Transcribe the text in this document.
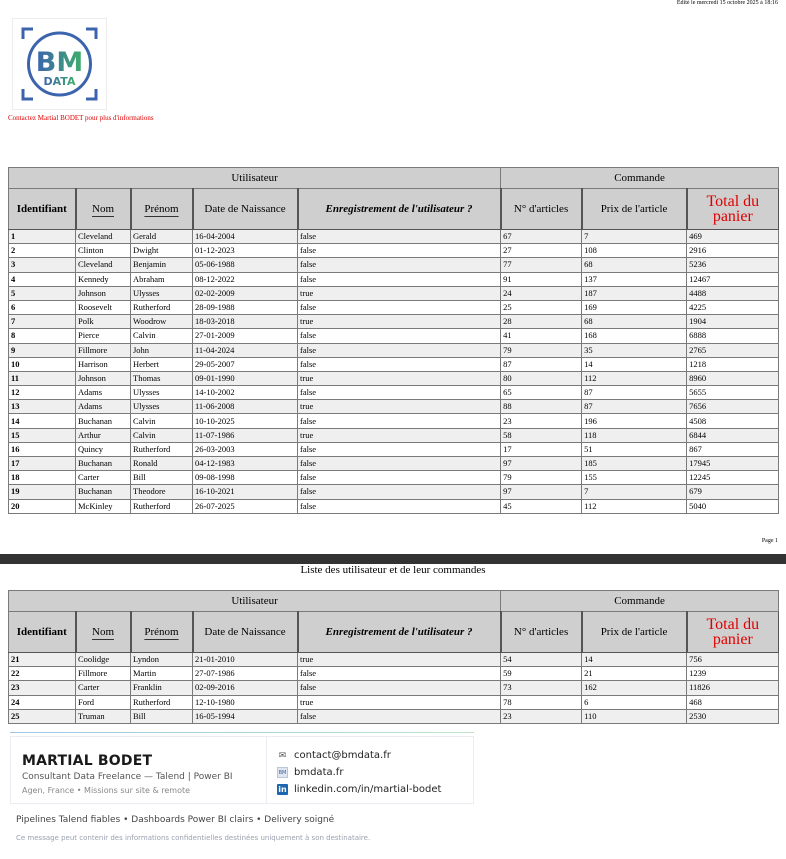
Edité le mercredi 15 octobre 2025 à 18:16
BM
DATA
Contactez Martial BODET pour plus d'informations
Utilisateur					Commande		
Identifiant	Nom	Prénom	Date de Naissance	Enregistrement de l'utilisateur ?	N° d'articles	Prix de l'article	Total du panier
1	Cleveland	Gerald	16-04-2004	false	67	7	469
2	Clinton	Dwight	01-12-2023	false	27	108	2916
3	Cleveland	Benjamin	05-06-1988	false	77	68	5236
4	Kennedy	Abraham	08-12-2022	false	91	137	12467
5	Johnson	Ulysses	02-02-2009	true	24	187	4488
6	Roosevelt	Rutherford	28-09-1988	false	25	169	4225
7	Polk	Woodrow	18-03-2018	true	28	68	1904
8	Pierce	Calvin	27-01-2009	false	41	168	6888
9	Fillmore	John	11-04-2024	false	79	35	2765
10	Harrison	Herbert	29-05-2007	false	87	14	1218
11	Johnson	Thomas	09-01-1990	true	80	112	8960
12	Adams	Ulysses	14-10-2002	false	65	87	5655
13	Adams	Ulysses	11-06-2008	true	88	87	7656
14	Buchanan	Calvin	10-10-2025	false	23	196	4508
15	Arthur	Calvin	11-07-1986	true	58	118	6844
16	Quincy	Rutherford	26-03-2003	false	17	51	867
17	Buchanan	Ronald	04-12-1983	false	97	185	17945
18	Carter	Bill	09-08-1998	false	79	155	12245
19	Buchanan	Theodore	16-10-2021	false	97	7	679
20	McKinley	Rutherford	26-07-2025	false	45	112	5040
Page 1
Liste des utilisateur et de leur commandes
Utilisateur					Commande		
Identifiant	Nom	Prénom	Date de Naissance	Enregistrement de l'utilisateur ?	N° d'articles	Prix de l'article	Total du panier
21	Coolidge	Lyndon	21-01-2010	true	54	14	756
22	Fillmore	Martin	27-07-1986	false	59	21	1239
23	Carter	Franklin	02-09-2016	false	73	162	11826
24	Ford	Rutherford	12-10-1980	true	78	6	468
25	Truman	Bill	16-05-1994	false	23	110	2530
MARTIAL BODET
Consultant Data Freelance — Talend | Power BI
Agen, France • Missions sur site & remote
✉ contact@bmdata.fr
BM bmdata.fr
in linkedin.com/in/martial-bodet
Pipelines Talend fiables • Dashboards Power BI clairs • Delivery soigné
Ce message peut contenir des informations confidentielles destinées uniquement à son destinataire.
